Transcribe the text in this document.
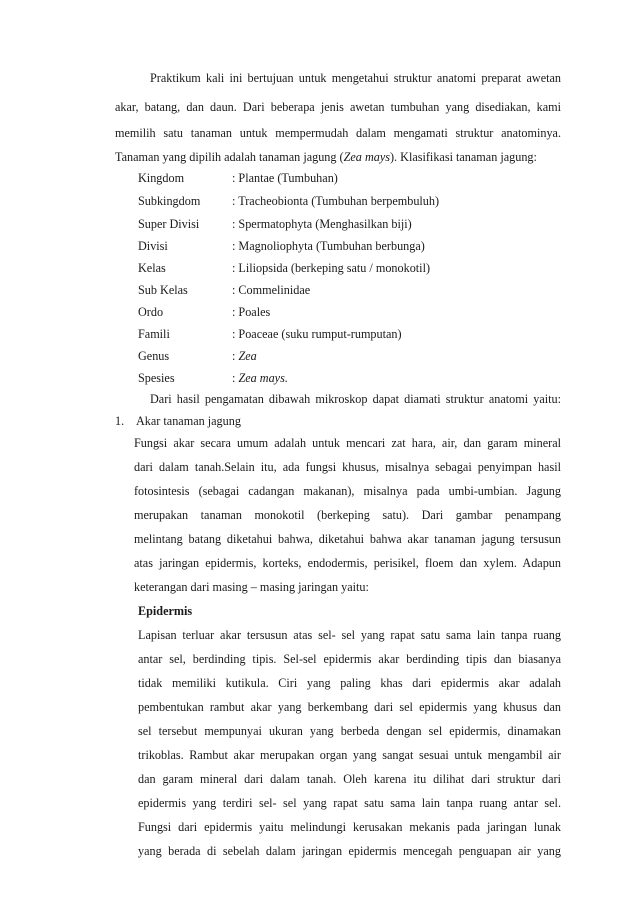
Praktikum kali ini bertujuan untuk mengetahui struktur anatomi preparat awetan
akar, batang, dan daun. Dari beberapa jenis awetan tumbuhan yang disediakan, kami
memilih satu tanaman untuk mempermudah dalam mengamati struktur anatominya.
Tanaman yang dipilih adalah tanaman jagung (Zea mays). Klasifikasi tanaman jagung:
Kingdom	: Plantae (Tumbuhan)
Subkingdom	: Tracheobionta (Tumbuhan berpembuluh)
Super Divisi	: Spermatophyta (Menghasilkan biji)
Divisi	: Magnoliophyta (Tumbuhan berbunga)
Kelas	: Liliopsida (berkeping satu / monokotil)
Sub Kelas	: Commelinidae
Ordo	: Poales
Famili	: Poaceae (suku rumput-rumputan)
Genus	: Zea
Spesies	: Zea mays.
Dari hasil pengamatan dibawah mikroskop dapat diamati struktur anatomi yaitu:
1. Akar tanaman jagung
Fungsi akar secara umum adalah untuk mencari zat hara, air, dan garam mineral
dari dalam tanah.Selain itu, ada fungsi khusus, misalnya sebagai penyimpan hasil
fotosintesis (sebagai cadangan makanan), misalnya pada umbi-umbian. Jagung
merupakan tanaman monokotil (berkeping satu). Dari gambar penampang
melintang batang diketahui bahwa, diketahui bahwa akar tanaman jagung tersusun
atas jaringan epidermis, korteks, endodermis, perisikel, floem dan xylem. Adapun
keterangan dari masing – masing jaringan yaitu:
Epidermis
Lapisan terluar akar tersusun atas sel- sel yang rapat satu sama lain tanpa ruang
antar sel, berdinding tipis. Sel-sel epidermis akar berdinding tipis dan biasanya
tidak memiliki kutikula. Ciri yang paling khas dari epidermis akar adalah
pembentukan rambut akar yang berkembang dari sel epidermis yang khusus dan
sel tersebut mempunyai ukuran yang berbeda dengan sel epidermis, dinamakan
trikoblas. Rambut akar merupakan organ yang sangat sesuai untuk mengambil air
dan garam mineral dari dalam tanah. Oleh karena itu dilihat dari struktur dari
epidermis yang terdiri sel- sel yang rapat satu sama lain tanpa ruang antar sel.
Fungsi dari epidermis yaitu melindungi kerusakan mekanis pada jaringan lunak
yang berada di sebelah dalam jaringan epidermis mencegah penguapan air yang
